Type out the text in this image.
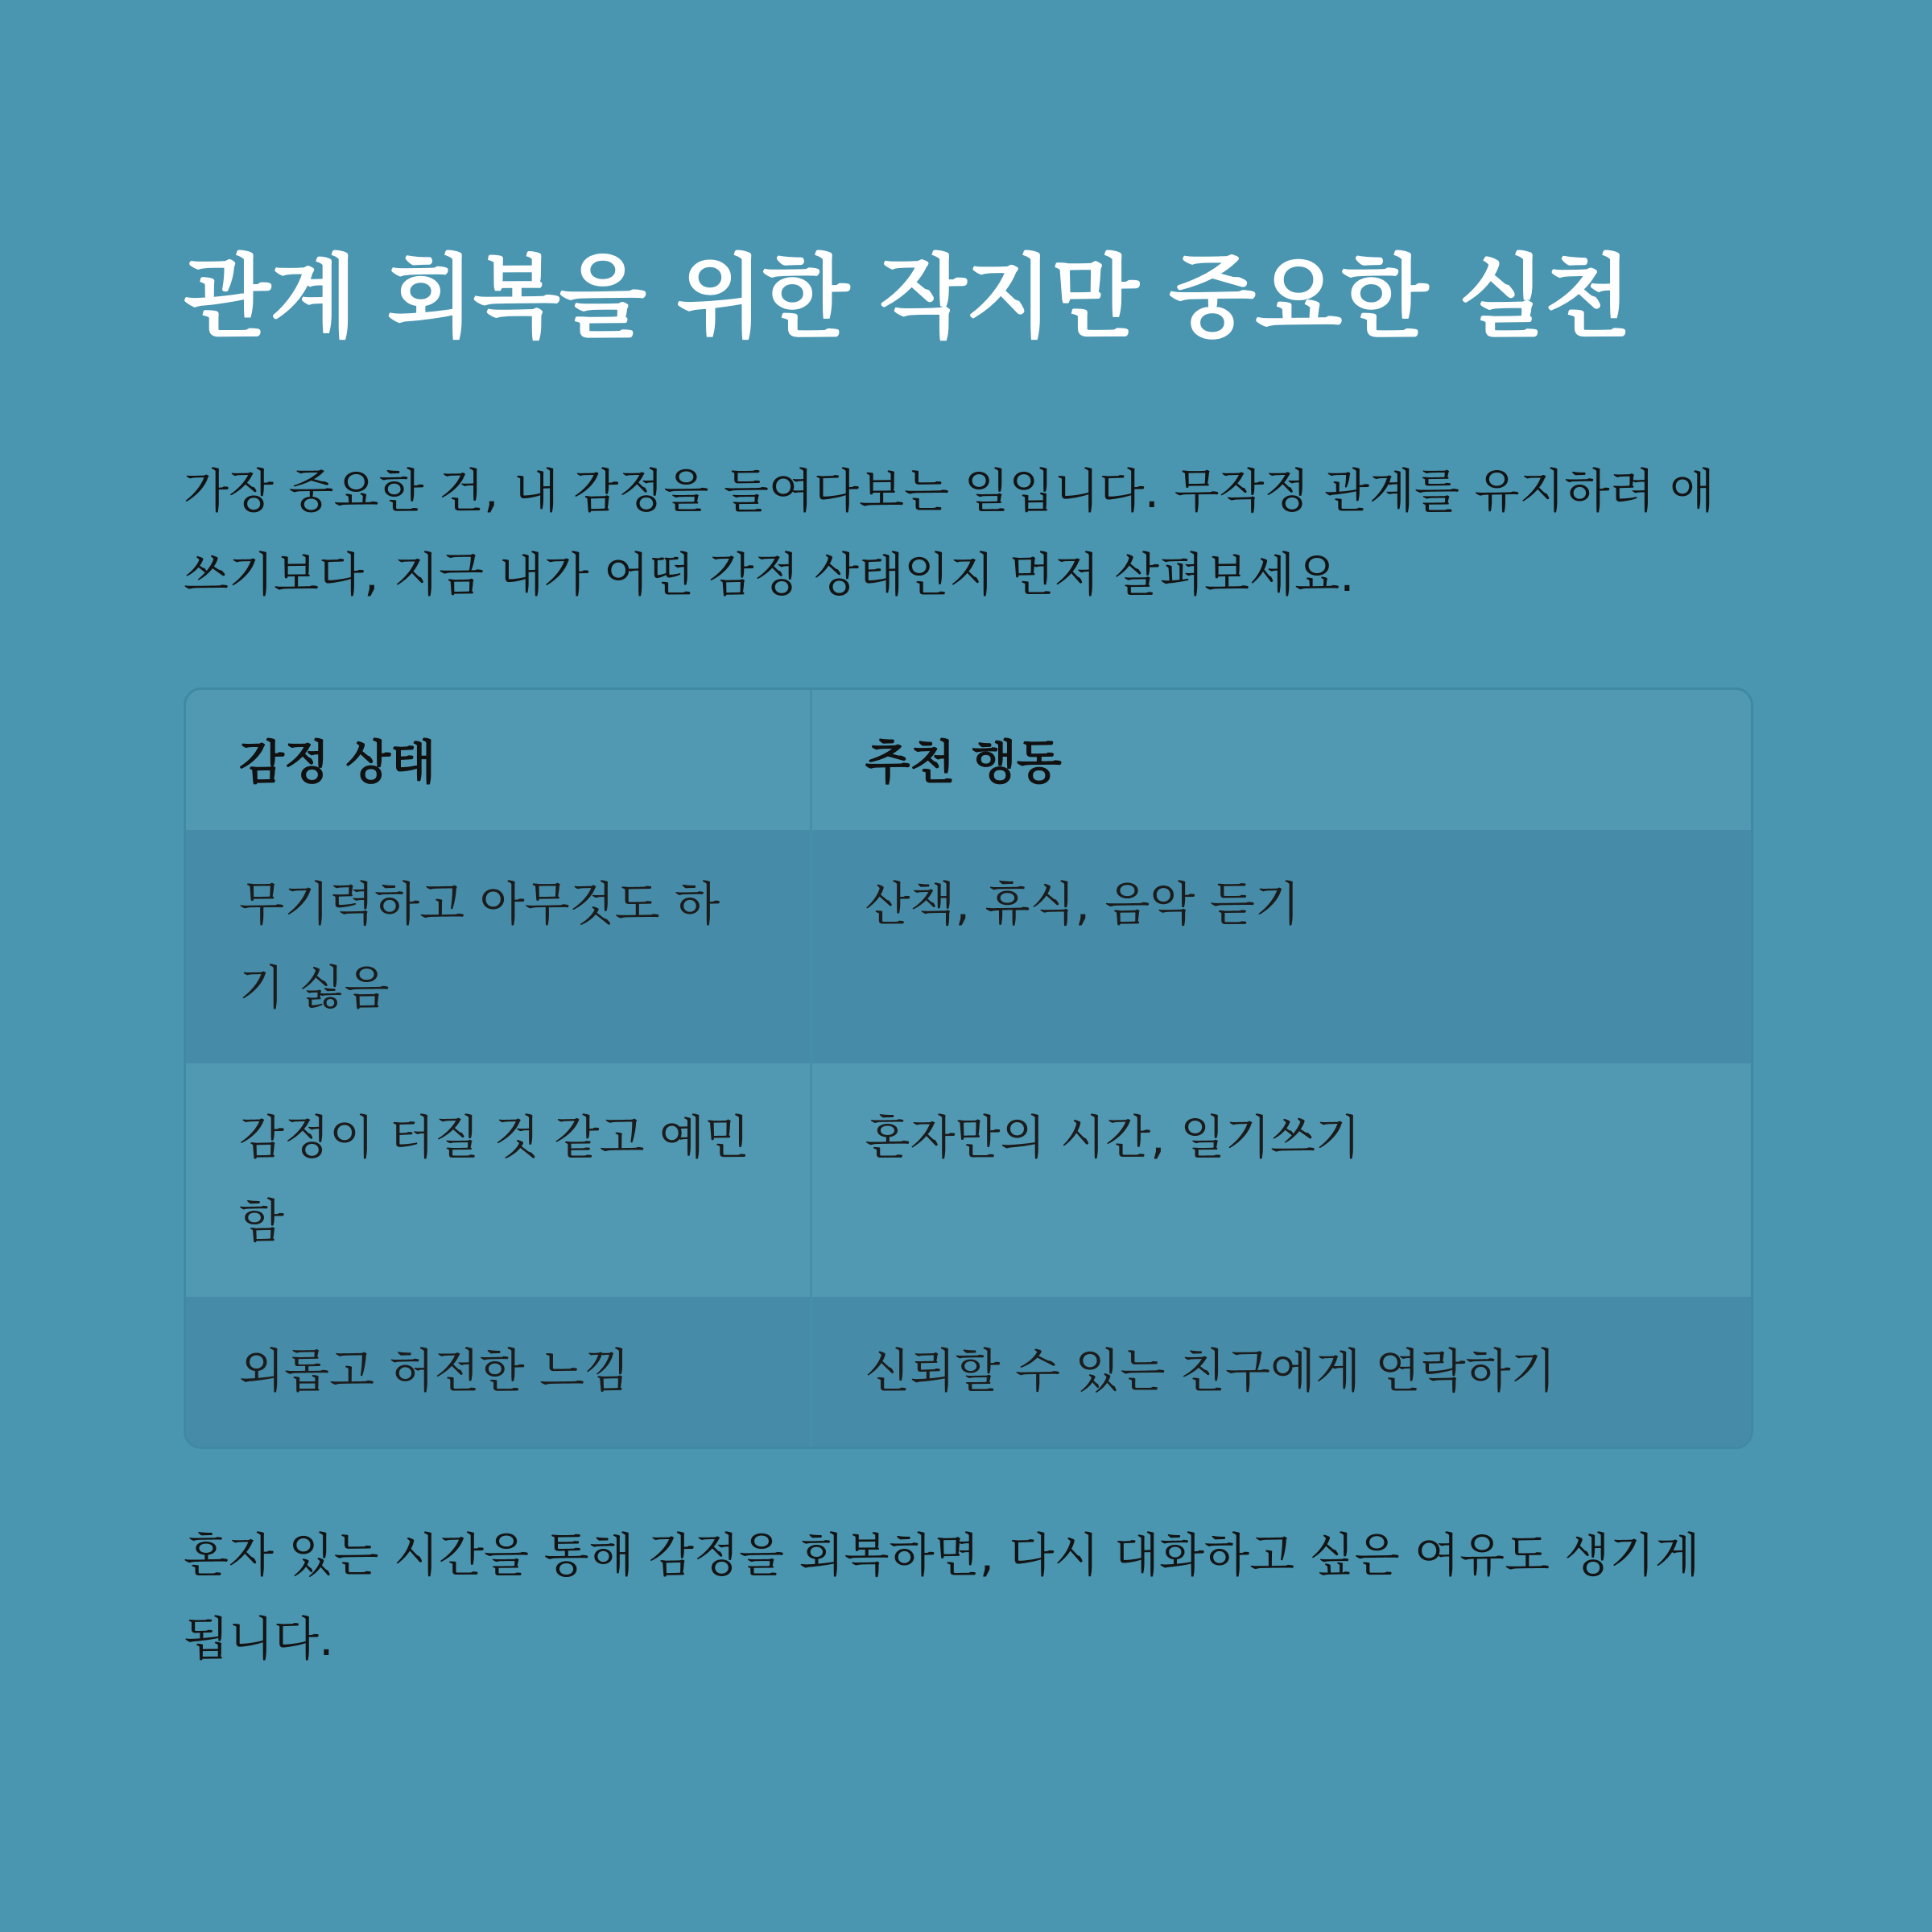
관계 회복을 위한 작지만 중요한 실천

가장 중요한 건, 내 감정을 들여다보는 일입니다. 무작정 관계를 유지하려 애쓰기보다, 지금 내가 어떤 감정 상태인지 먼저 살펴보세요.

감정 상태	추천 행동
무기력하고 아무것도 하기 싫음	산책, 휴식, 음악 듣기
감정이 터질 것 같고 예민함	혼자만의 시간, 일기쓰기
외롭고 허전한 느낌	신뢰할 수 있는 친구에게 연락하기

혼자 있는 시간을 통해 감정을 회복하면, 다시 대화하고 싶은 여유도 생기게 됩니다.
